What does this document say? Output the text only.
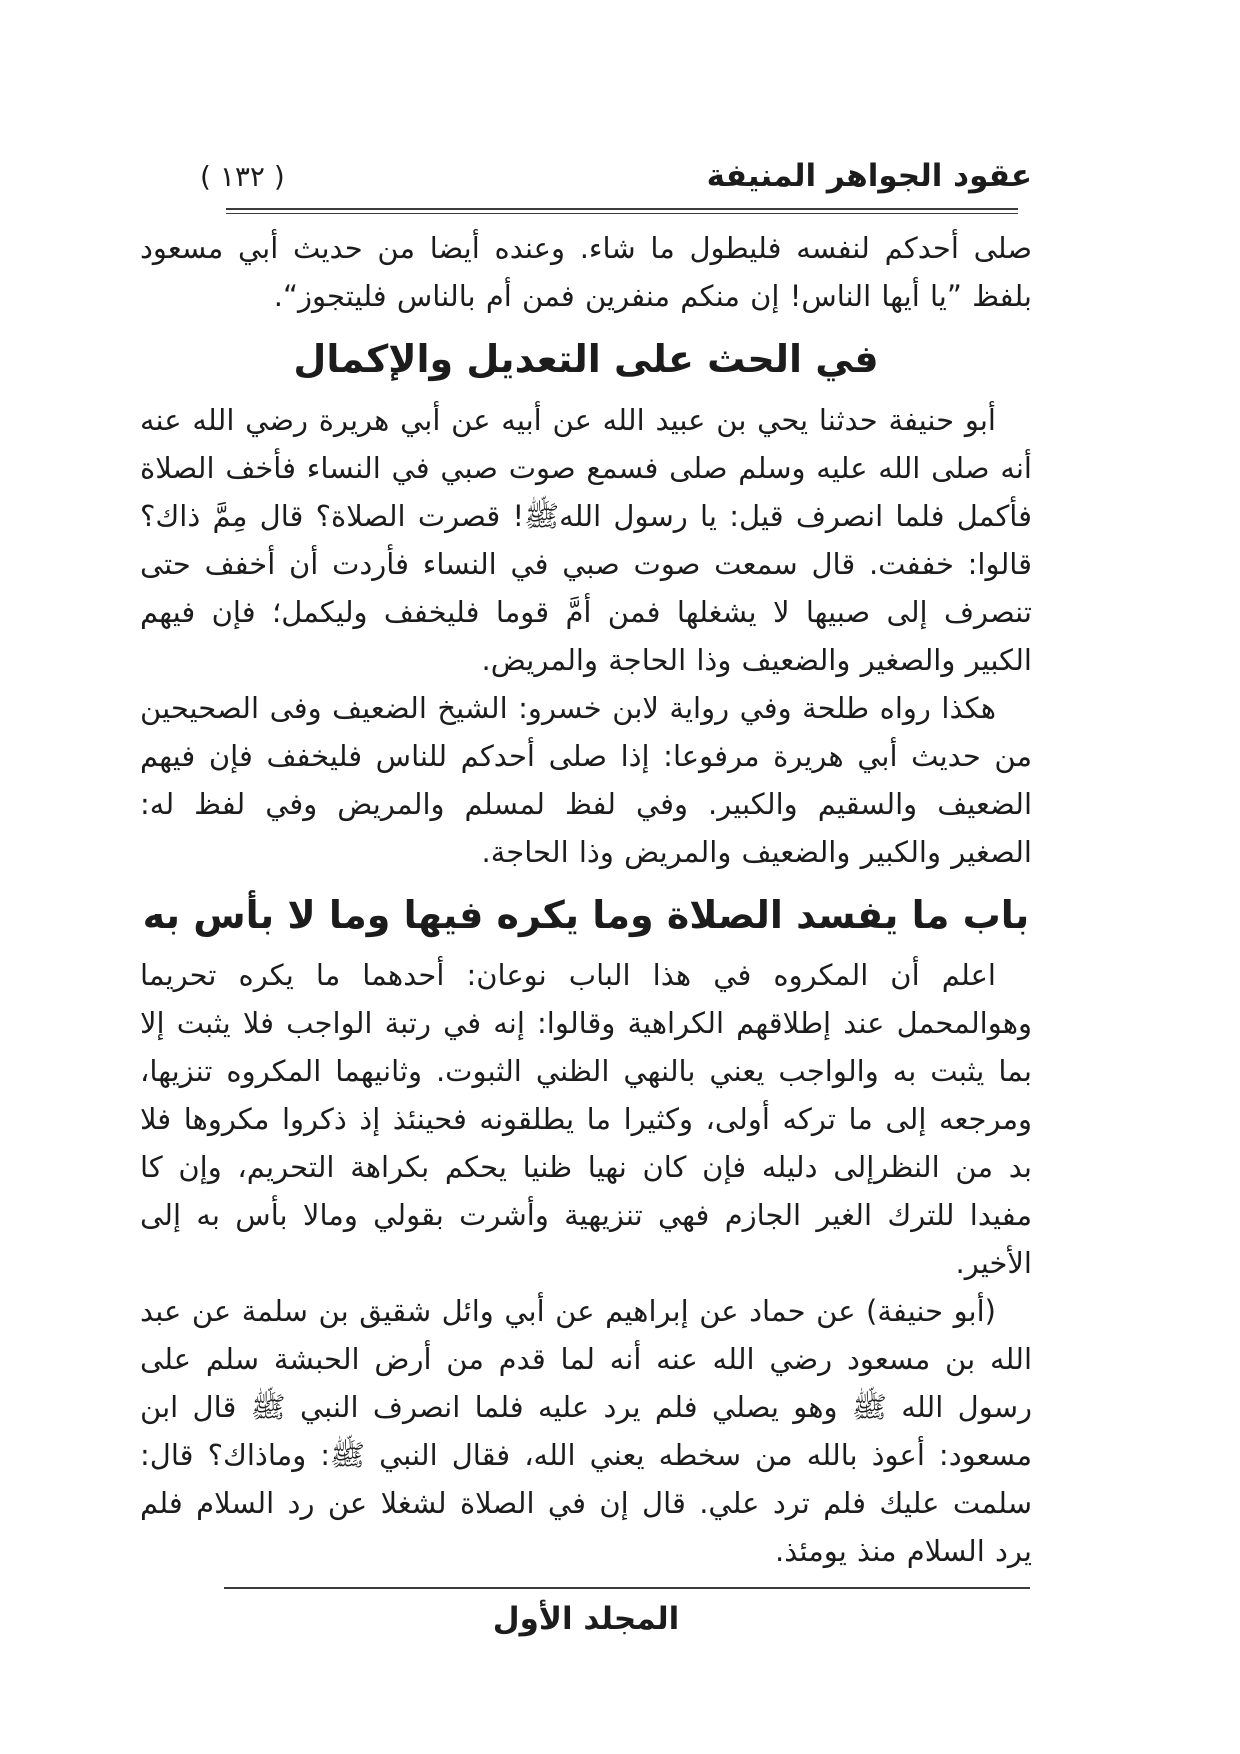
عقود الجواهر المنيفة
( ١٣٢ )

صلى أحدكم لنفسه فليطول ما شاء. وعنده أيضا من حديث أبي مسعود بلفظ ”يا أيها الناس! إن منكم منفرين فمن أم بالناس فليتجوز“.

في الحث على التعديل والإكمال

أبو حنيفة حدثنا يحي بن عبيد الله عن أبيه عن أبي هريرة رضي الله عنه أنه صلى الله عليه وسلم صلى فسمع صوت صبي في النساء فأخف الصلاة فأكمل فلما انصرف قيل: يا رسول اللهﷺ! قصرت الصلاة؟ قال مِمَّ ذاك؟ قالوا: خففت. قال سمعت صوت صبي في النساء فأردت أن أخفف حتى تنصرف إلى صبيها لا يشغلها فمن أمَّ قوما فليخفف وليكمل؛ فإن فيهم الكبير والصغير والضعيف وذا الحاجة والمريض.

هكذا رواه طلحة وفي رواية لابن خسرو: الشيخ الضعيف وفى الصحيحين من حديث أبي هريرة مرفوعا: إذا صلى أحدكم للناس فليخفف فإن فيهم الضعيف والسقيم والكبير. وفي لفظ لمسلم والمريض وفي لفظ له: الصغير والكبير والضعيف والمريض وذا الحاجة.

باب ما يفسد الصلاة وما يكره فيها وما لا بأس به

اعلم أن المكروه في هذا الباب نوعان: أحدهما ما يكره تحريما وهوالمحمل عند إطلاقهم الكراهية وقالوا: إنه في رتبة الواجب فلا يثبت إلا بما يثبت به والواجب يعني بالنهي الظني الثبوت. وثانيهما المكروه تنزيها، ومرجعه إلى ما تركه أولى، وكثيرا ما يطلقونه فحينئذ إذ ذكروا مكروها فلا بد من النظرإلى دليله فإن كان نهيا ظنيا يحكم بكراهة التحريم، وإن كا مفيدا للترك الغير الجازم فهي تنزيهية وأشرت بقولي ومالا بأس به إلى الأخير.

(أبو حنيفة) عن حماد عن إبراهيم عن أبي وائل شقيق بن سلمة عن عبد الله بن مسعود رضي الله عنه أنه لما قدم من أرض الحبشة سلم على رسول الله ﷺ وهو يصلي فلم يرد عليه فلما انصرف النبي ﷺ قال ابن مسعود: أعوذ بالله من سخطه يعني الله، فقال النبي ﷺ: وماذاك؟ قال: سلمت عليك فلم ترد علي. قال إن في الصلاة لشغلا عن رد السلام فلم يرد السلام منذ يومئذ.

المجلد الأول
